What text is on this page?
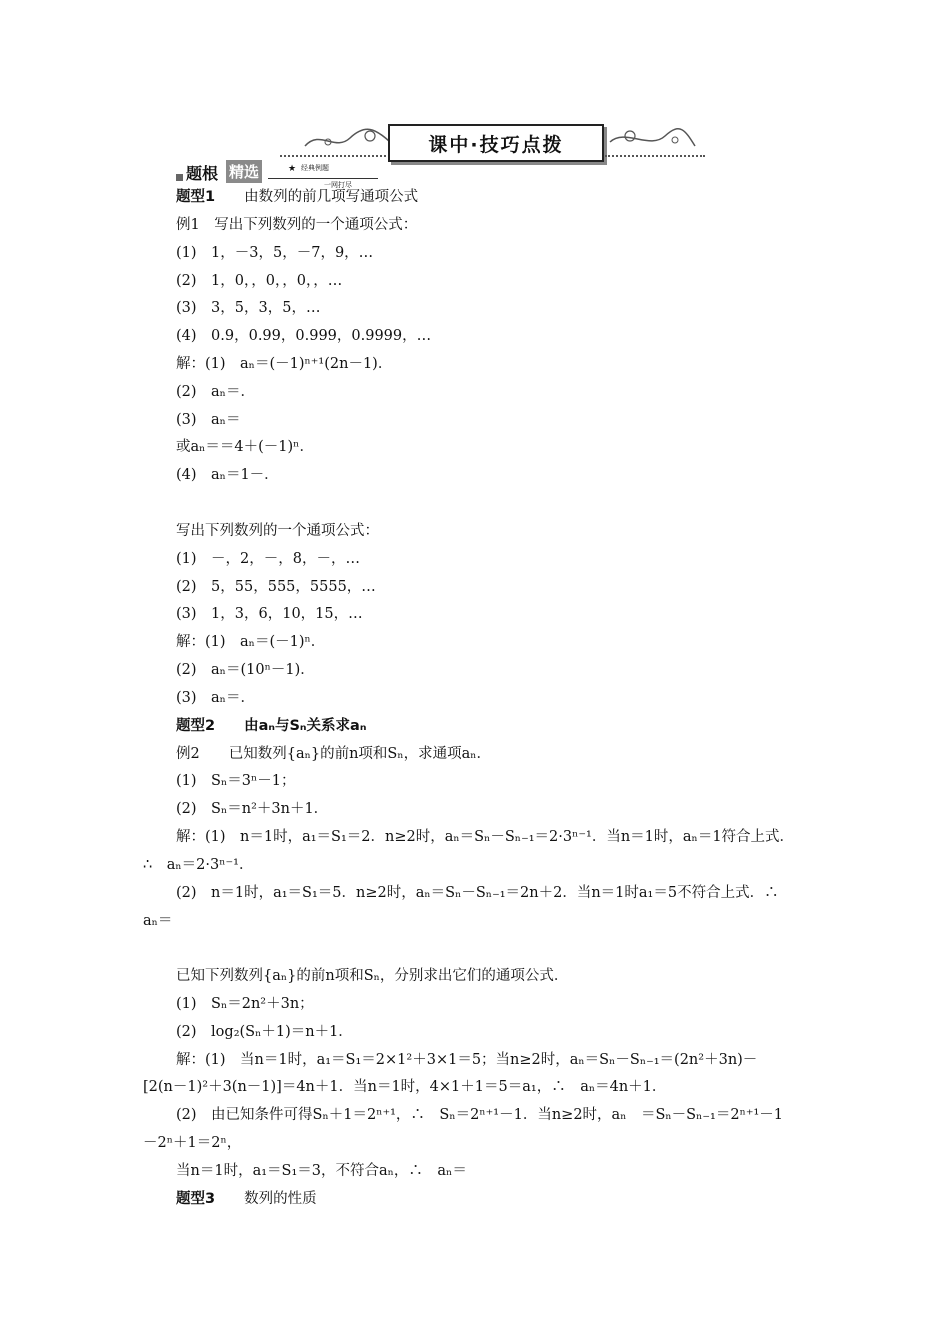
课中·技巧点拨
题根 精选	★ 经典例题
一网打尽
题型1　　 由数列的前几项写通项公式
例1　写出下列数列的一个通项公式：
(1)　1，－3，5，－7，9，…
(2)　1，0，，0，，0，，…
(3)　3，5，3，5，…
(4)　0.9，0.99，0.999，0.9999，…
解：(1)　aₙ＝(－1)ⁿ⁺¹(2n－1)．
(2)　aₙ＝．
(3)　aₙ＝
或aₙ＝＝4＋(－1)ⁿ．
(4)　aₙ＝1－．
写出下列数列的一个通项公式：
(1)　－，2，－，8，－，…
(2)　5，55，555，5555，…
(3)　1，3，6，10，15，…
解：(1)　aₙ＝(－1)ⁿ．
(2)　aₙ＝(10ⁿ－1)．
(3)　aₙ＝．
题型2　　 由aₙ与Sₙ关系求aₙ
例2　　已知数列{aₙ}的前n项和Sₙ，求通项aₙ．
(1)　Sₙ＝3ⁿ－1；
(2)　Sₙ＝n²＋3n＋1．
解：(1)　n＝1时，a₁＝S₁＝2．n≥2时，aₙ＝Sₙ－Sₙ₋₁＝2·3ⁿ⁻¹．当n＝1时，aₙ＝1符合上式．
∴　aₙ＝2·3ⁿ⁻¹．
(2)　n＝1时，a₁＝S₁＝5．n≥2时，aₙ＝Sₙ－Sₙ₋₁＝2n＋2．当n＝1时a₁＝5不符合上式．∴
aₙ＝
已知下列数列{aₙ}的前n项和Sₙ，分别求出它们的通项公式．
(1)　Sₙ＝2n²＋3n；
(2)　log₂(Sₙ＋1)＝n＋1．
解：(1)　当n＝1时，a₁＝S₁＝2×1²＋3×1＝5；当n≥2时，aₙ＝Sₙ－Sₙ₋₁＝(2n²＋3n)－
[2(n－1)²＋3(n－1)]＝4n＋1．当n＝1时，4×1＋1＝5＝a₁，∴　aₙ＝4n＋1．
(2)　由已知条件可得Sₙ＋1＝2ⁿ⁺¹，∴　Sₙ＝2ⁿ⁺¹－1．当n≥2时，aₙ　＝Sₙ－Sₙ₋₁＝2ⁿ⁺¹－1
－2ⁿ＋1＝2ⁿ，
当n＝1时，a₁＝S₁＝3，不符合aₙ，∴　aₙ＝
题型3　　 数列的性质
